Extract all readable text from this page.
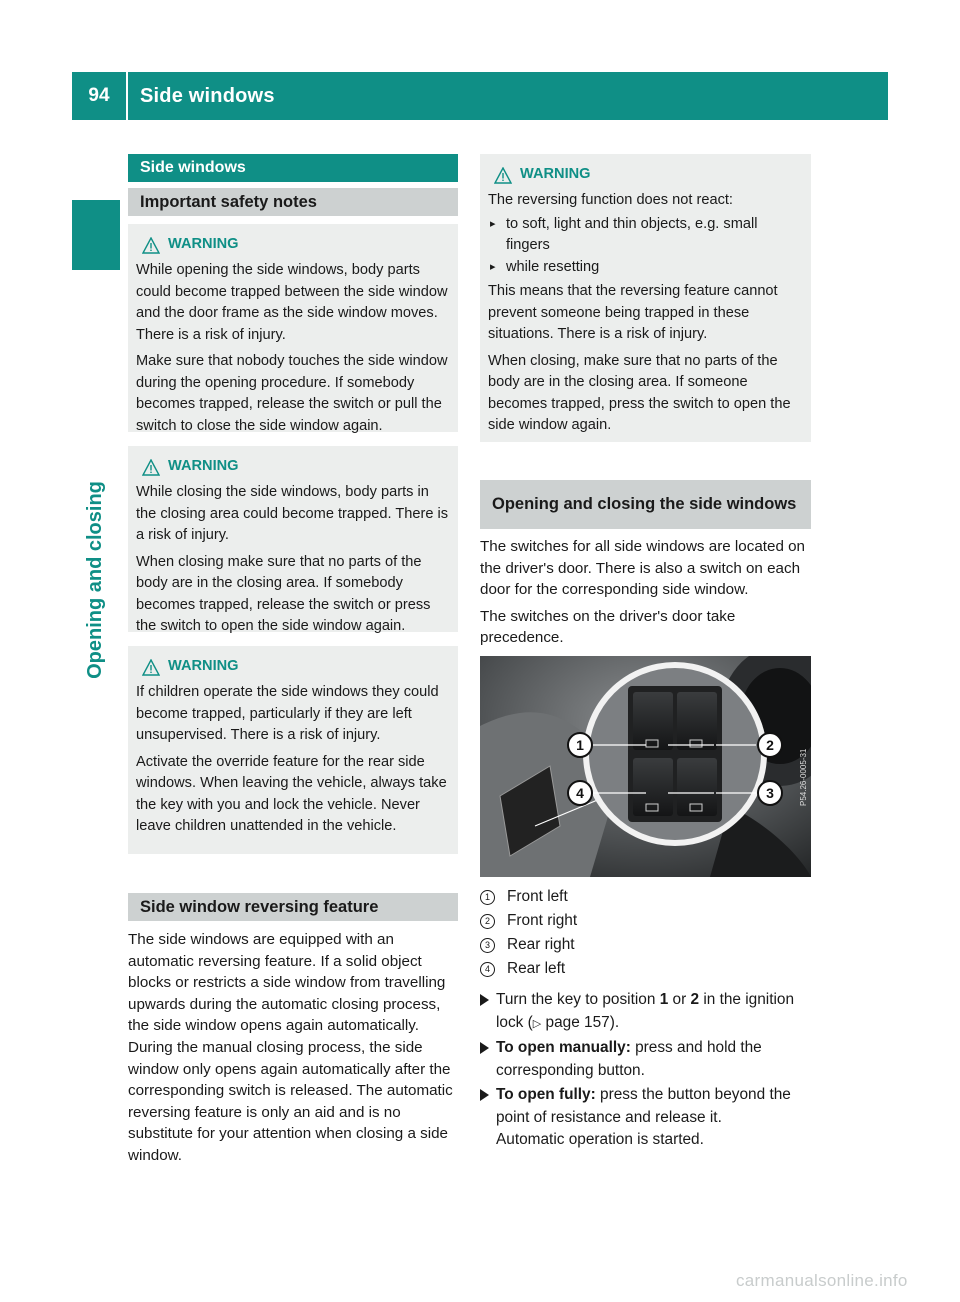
94	Side windows
Opening and closing
Side windows
Important safety notes
WARNING

While opening the side windows, body parts could become trapped between the side window and the door frame as the side window moves. There is a risk of injury.

Make sure that nobody touches the side window during the opening procedure. If somebody becomes trapped, release the switch or pull the switch to close the side window again.

WARNING

While closing the side windows, body parts in the closing area could become trapped. There is a risk of injury.

When closing make sure that no parts of the body are in the closing area. If somebody becomes trapped, release the switch or press the switch to open the side window again.

WARNING

If children operate the side windows they could become trapped, particularly if they are left unsupervised. There is a risk of injury.

Activate the override feature for the rear side windows. When leaving the vehicle, always take the key with you and lock the vehicle. Never leave children unattended in the vehicle.

Side window reversing feature

The side windows are equipped with an automatic reversing feature. If a solid object blocks or restricts a side window from travelling upwards during the automatic closing process, the side window opens again automatically. During the manual closing process, the side window only opens again automatically after the corresponding switch is released. The automatic reversing feature is only an aid and is no substitute for your attention when closing a side window.

WARNING

The reversing function does not react:

▸ to soft, light and thin objects, e.g. small fingers
▸ while resetting

This means that the reversing feature cannot prevent someone being trapped in these situations. There is a risk of injury.

When closing, make sure that no parts of the body are in the closing area. If someone becomes trapped, press the switch to open the side window again.

Opening and closing the side windows

The switches for all side windows are located on the driver's door. There is also a switch on each door for the corresponding side window.

The switches on the driver's door take precedence.

1	2
3
4	P54.26-0005-31
1	Front left
2	Front right
3	Rear right
4	Rear left
Turn the key to position 1 or 2 in the ignition lock (▷ page 157).
To open manually: press and hold the corresponding button.
To open fully: press the button beyond the point of resistance and release it.
Automatic operation is started.
carmanualsonline.info
